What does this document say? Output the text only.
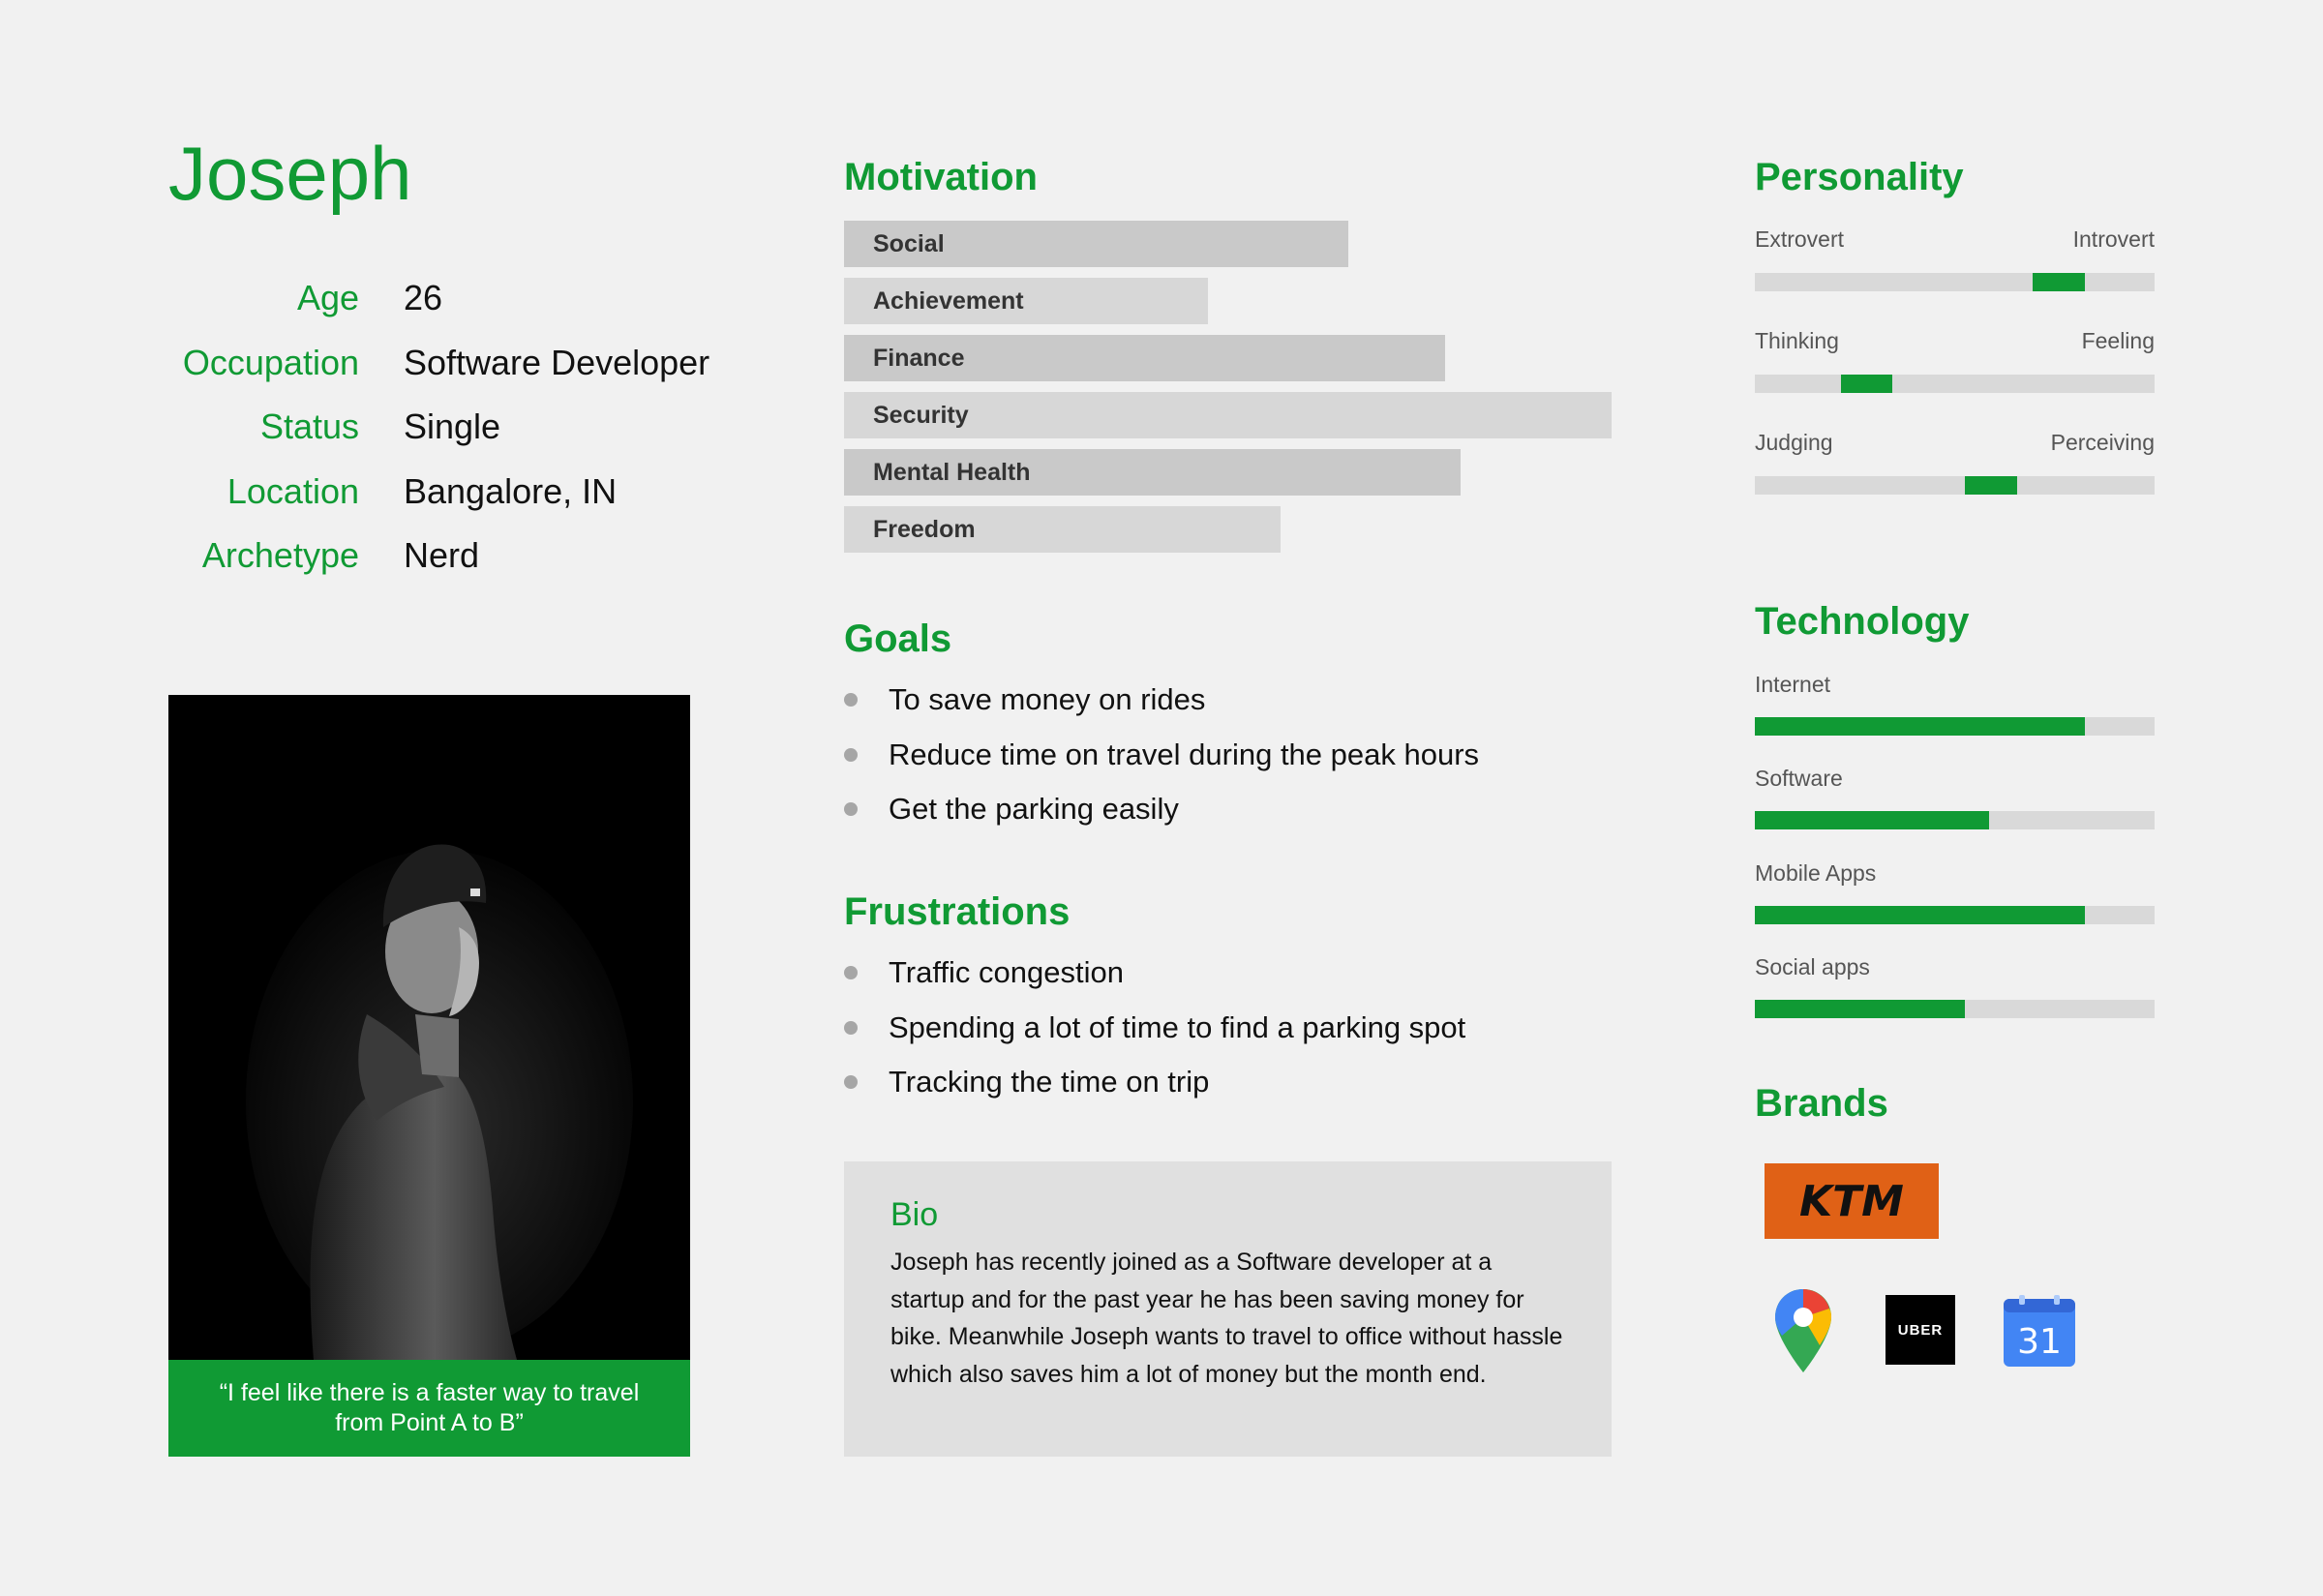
Joseph
Age 26
Occupation Software Developer
Status Single
Location Bangalore, IN
Archetype Nerd
“I feel like there is a faster way to travel from Point A to B”
Motivation
Social
Achievement
Finance
Security
Mental Health
Freedom
Goals
To save money on rides
Reduce time on travel during the peak hours
Get the parking easily
Frustrations
Traffic congestion
Spending a lot of time to find a parking spot
Tracking the time on trip
Bio
Joseph has recently joined as a Software developer at a startup and for the past year he has been saving money for bike. Meanwhile Joseph wants to travel to office without hassle which also saves him a lot of money but the month end.
Personality
Extrovert	Introvert
Thinking	Feeling
Judging	Perceiving
Technology
Internet
Software
Mobile Apps
Social apps
Brands
KTM
UBER	31
